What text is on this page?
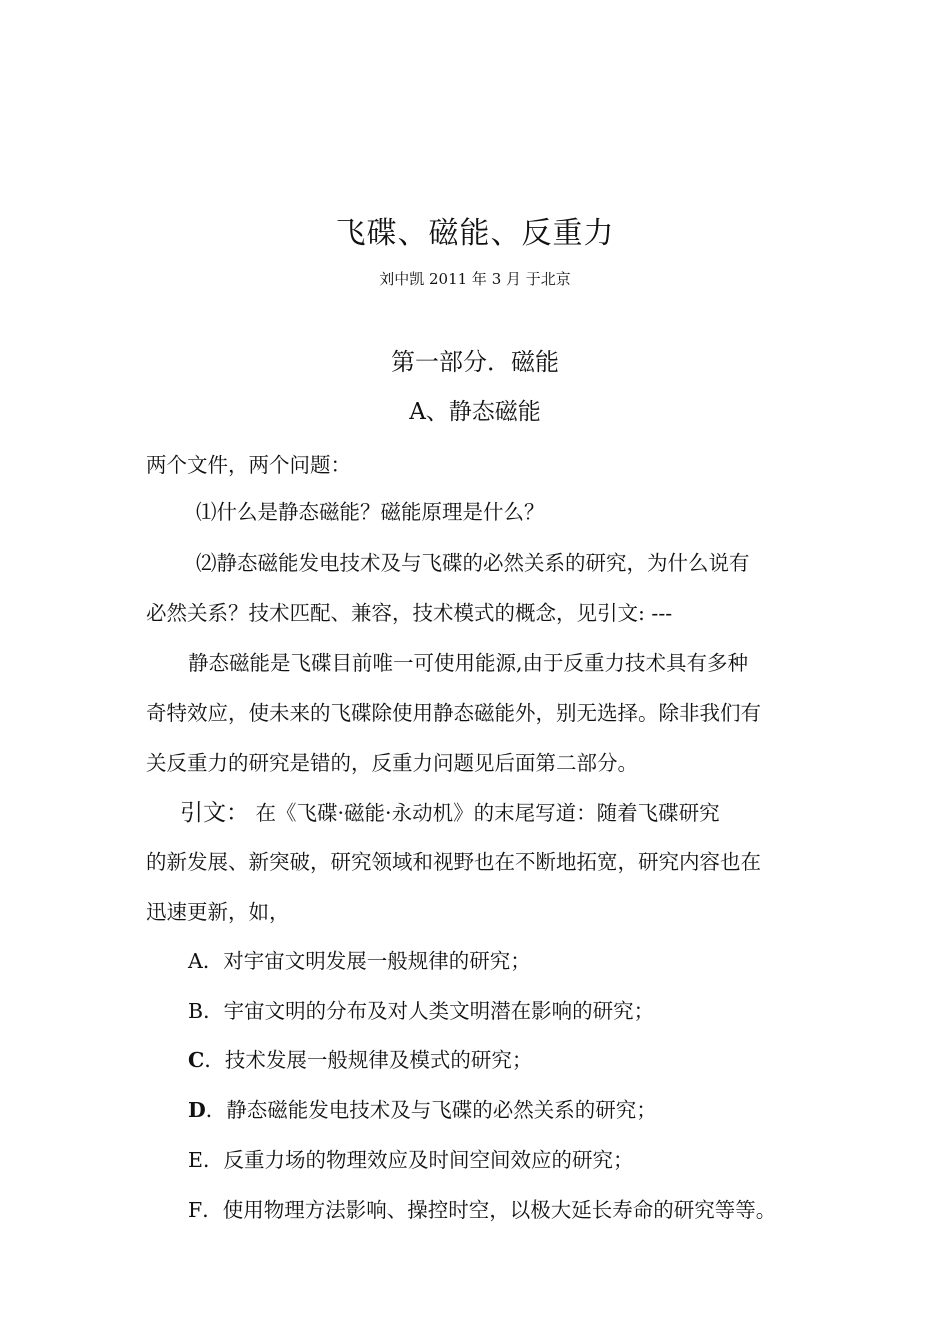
飞碟、磁能、反重力
刘中凯 2011 年 3 月 于北京
第一部分．磁能
A、静态磁能
两个文件，两个问题：
⑴什么是静态磁能？磁能原理是什么？
⑵静态磁能发电技术及与飞碟的必然关系的研究，为什么说有
必然关系？技术匹配、兼容，技术模式的概念，见引文: ---
静态磁能是飞碟目前唯一可使用能源,由于反重力技术具有多种
奇特效应，使未来的飞碟除使用静态磁能外，别无选择。除非我们有
关反重力的研究是错的，反重力问题见后面第二部分。
引文： 在《飞碟·磁能·永动机》的末尾写道：随着飞碟研究
的新发展、新突破，研究领域和视野也在不断地拓宽，研究内容也在
迅速更新，如，
A．对宇宙文明发展一般规律的研究；
B．宇宙文明的分布及对人类文明潜在影响的研究；
C．技术发展一般规律及模式的研究；
D．静态磁能发电技术及与飞碟的必然关系的研究；
E．反重力场的物理效应及时间空间效应的研究；
F．使用物理方法影响、操控时空，以极大延长寿命的研究等等。
